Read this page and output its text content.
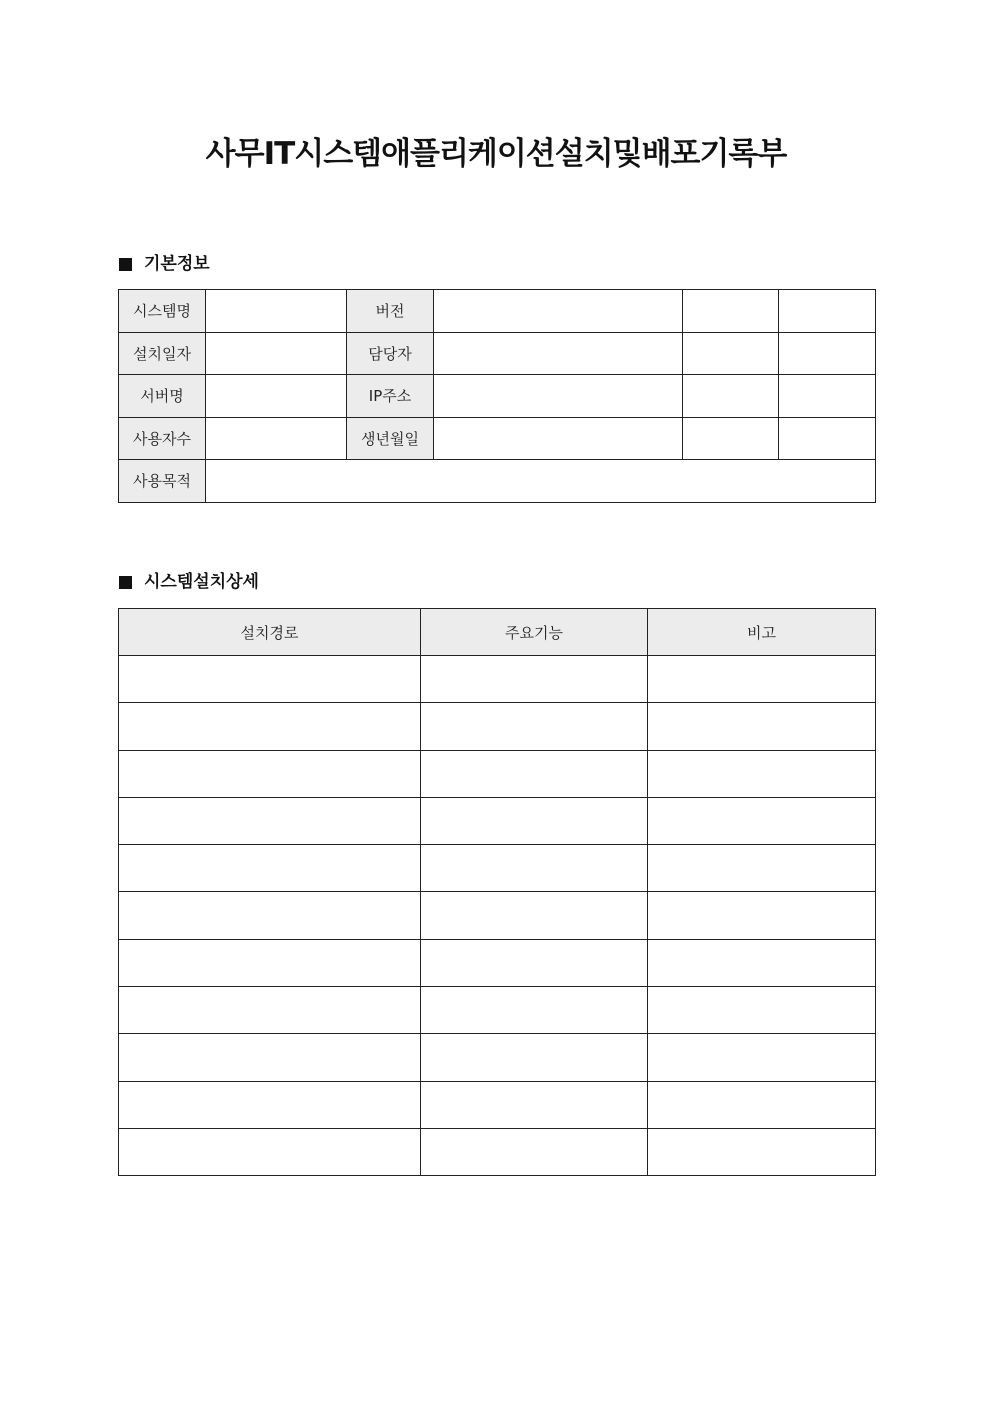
사무IT시스템애플리케이션설치및배포기록부
기본정보
시스템명		버전			
설치일자		담당자			
서버명		IP주소			
사용자수		생년월일			
사용목적					
시스템설치상세
설치경로	주요기능	비고
